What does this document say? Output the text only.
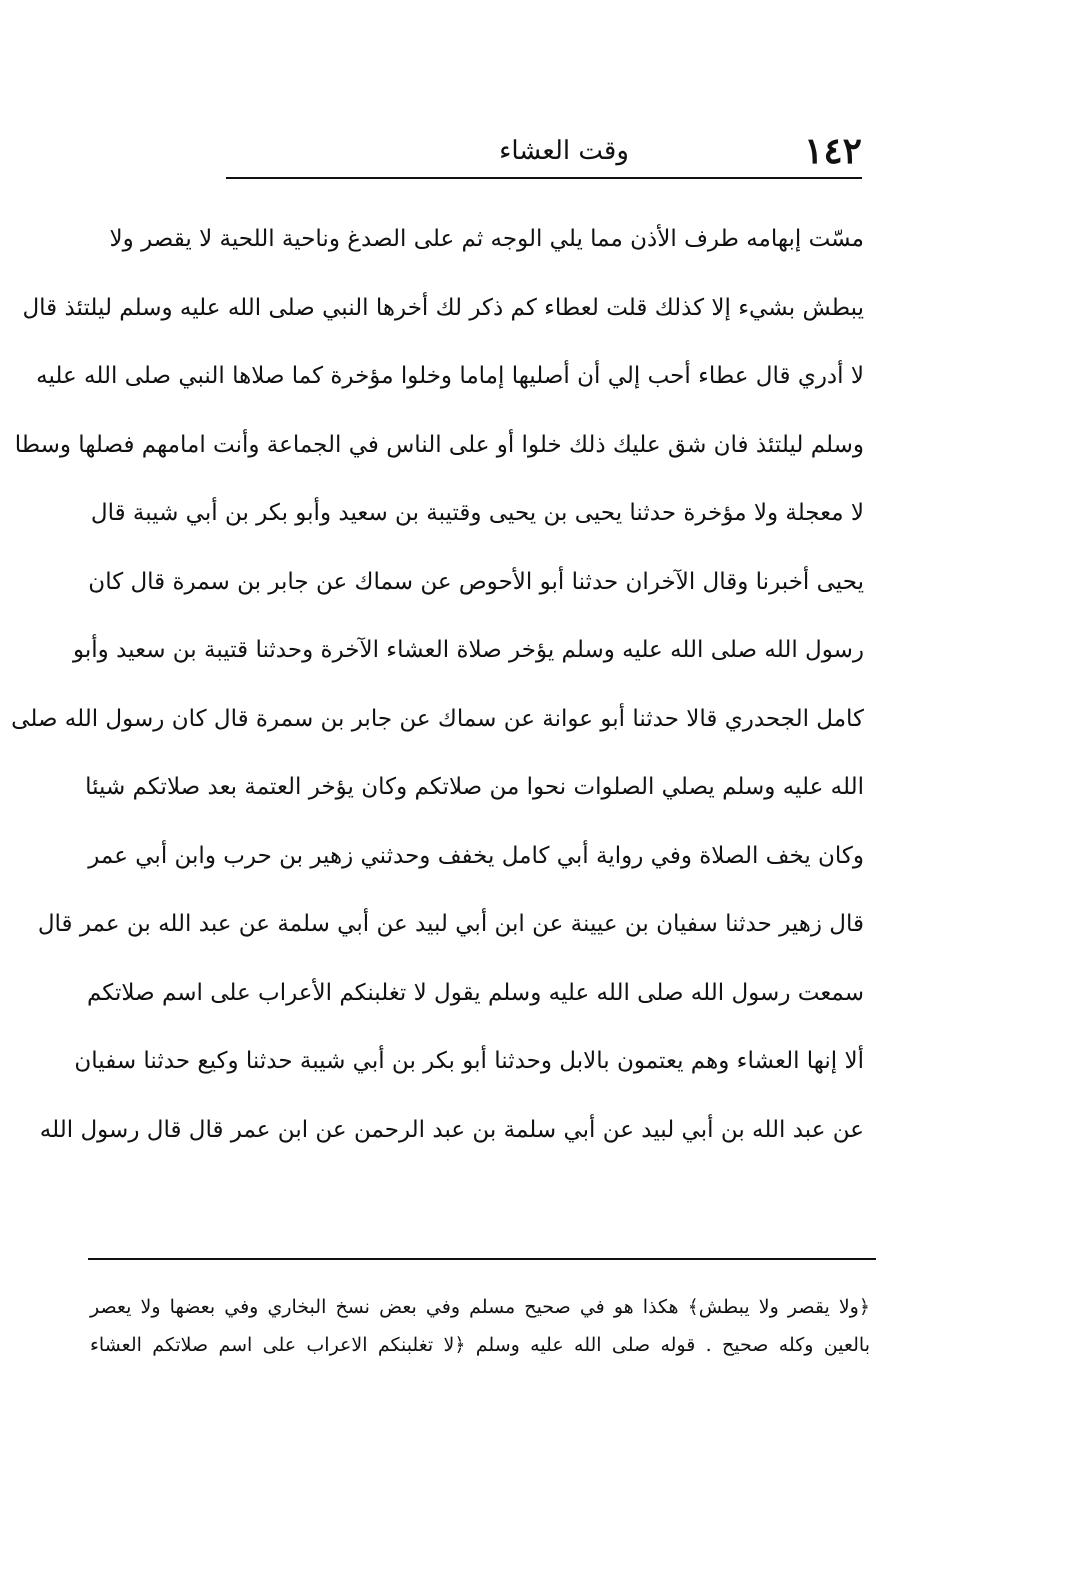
١٤٢
وقت العشاء
مسّت إبهامه طرف الأذن مما يلي الوجه ثم على الصدغ وناحية اللحية لا يقصر ولا
يبطش بشيء إلا كذلك قلت لعطاء كم ذكر لك أخرها النبي صلى الله عليه وسلم ليلتئذ قال
لا أدري قال عطاء أحب إلي أن أصليها إماما وخلوا مؤخرة كما صلاها النبي صلى الله عليه
وسلم ليلتئذ فان شق عليك ذلك خلوا أو على الناس في الجماعة وأنت امامهم فصلها وسطا
لا معجلة ولا مؤخرة حدثنا يحيى بن يحيى وقتيبة بن سعيد وأبو بكر بن أبي شيبة قال
يحيى أخبرنا وقال الآخران حدثنا أبو الأحوص عن سماك عن جابر بن سمرة قال كان
رسول الله صلى الله عليه وسلم يؤخر صلاة العشاء الآخرة وحدثنا قتيبة بن سعيد وأبو
كامل الجحدري قالا حدثنا أبو عوانة عن سماك عن جابر بن سمرة قال كان رسول الله صلى
الله عليه وسلم يصلي الصلوات نحوا من صلاتكم وكان يؤخر العتمة بعد صلاتكم شيئا
وكان يخف الصلاة وفي رواية أبي كامل يخفف وحدثني زهير بن حرب وابن أبي عمر
قال زهير حدثنا سفيان بن عيينة عن ابن أبي لبيد عن أبي سلمة عن عبد الله بن عمر قال
سمعت رسول الله صلى الله عليه وسلم يقول لا تغلبنكم الأعراب على اسم صلاتكم
ألا إنها العشاء وهم يعتمون بالابل وحدثنا أبو بكر بن أبي شيبة حدثنا وكيع حدثنا سفيان
عن عبد الله بن أبي لبيد عن أبي سلمة بن عبد الرحمن عن ابن عمر قال قال رسول الله
﴿ولا يقصر ولا يبطش﴾ هكذا هو في صحيح مسلم وفي بعض نسخ البخاري وفي بعضها ولا يعصر
بالعين وكله صحيح . قوله صلى الله عليه وسلم ﴿لا تغلبنكم الاعراب على اسم صلاتكم العشاء
